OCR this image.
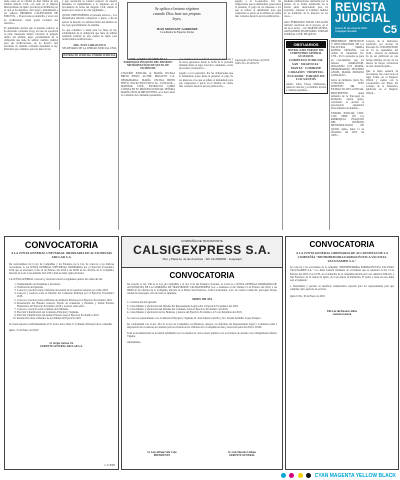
REVISTA
JUDICIAL
Jueves 31 de enero de 2019 · Guayaquil, Ecuador	C5
sente causa en su calidad de Juez Titular de esta Unidad Judicial Civil; con sede en el Distrito Metropolitano de Quito, provincia de Pichincha por el cual se ha dispuesto citar legal y debidamente a los señores PRIMERO CALIFICADOR DE EDICTOS, ... Proporcione su domicilio y en el acto de notificación; usted podrá reclamar sus derechos...
El demandado declara que el presente extracto se ha efectuado conforme la ley, en caso de oposición la parte interesada deberá concurrir al juzgado dentro del término legal, previniéndole de la obligación que tiene de señalar casillero judicial para sus notificaciones, de no hacerlo será declarado en rebeldía conforme determina la ley. Particular que comunico para los fines de ley.
y que resolución se tomará respecto de nuestra demanda, el cumplimiento a lo dispuesto en la providencia de fecha del Juzgado Civil, siendo el estado de la causa el de citar legalmente ...
QUITO, PREVINIENDO el presente extracto... Los demandados deberán comparecer a juicio, a fin de ejercer su derecho a la defensa dentro del término de ley, bajo apercibimiento de rebeldía.
Lo que comunico a usted para los fines de ley, advirtiéndole de la obligación que tiene de señalar domicilio judicial en esta ciudad de Quito para recibir futuras notificaciones.
ABG. JUAN CARLOS PICO
SECRETARIO DE LA UNIDAD JUDICIAL CIVIL
EXTRACTO JUDICIAL UNIDAD JUDICIAL
CONVOCATORIA
A LA JUNTA GENERAL UNIVERSAL ORDINARIA DE ACCIONISTAS ARCLAD S.A.
De conformidad con la ley de Compañías y los Estatutos de la Cía. Se convoca a los Señores Accionistas, A LA JUNTA GENERAL UNIVERSAL ORDINARIA por el Ejercicio Económico 2018 que se efectuará el día 14 de Febrero del 2019 a las 09:00 en las oficinas de la Compañía, ubicada en la Av. José Andrade Oe1-258 y Juan de Selis, Quito-Ecuador.
LA JUNTA GENERAL conocerá y resolverá sobre los siguientes puntos del orden del día:
1. Nombramiento de Presidente y Secretario.
2. Verificación del Quórum.
3. Conocer y resolver sobre el Informe de Gestión de la Gerencia General por el año 2018.
4. Conocer y resolver sobre el Informe del Comisario Principal por el Ejercicio Económico 2018.
5. Conocer y resolver sobre el Informe de Auditoría Externa por el Ejercicio Económico 2018.
6. Presentación del Balance General, Estado de Ganancias y Pérdidas y demás Estados Financieros del Ejercicio Económico 2018 y resolver sobre ellos.
7. Conocer y resolver sobre el destino de Utilidades.
8. Elección y Ratificación del Comisario Principal y Suplente.
9. Elección y Ratificación del Auditor Externo para el Ejercicio Económico 2019.
10. Resolución sobre el Destino de la Utilidad del Ejercicio 2018.
Se citará especial e individualmente al Sr. Luis Carlos Velez S. Comisario Principal de la compañía.
Quito, 31 de Enero del 2019
Sr. Sergio Garzon Ch.
GERENTE GENERAL ARCLAD S.A.
1-17-8085
Se aplica el mismo régimen
cuando Dios bate sus propias
leyes.
JEAN MONNANT GARDIERE
Coordinador de Espacios Verdes
CIVIL COSEP CON SEDE EN LA PARROQUIA IÑAQUITO DEL DISTRITO METROPOLITANO DE QUITO, DE PICHINCHA
CITACIÓN JUDICIAL A: MARÍA CECILIA BRITO PINTO. ACTOR: PROAUTO C.A. DEMANDADA: MARÍA CECILIA BRITO PINTO. JUICIO EJECUTIVO No. 17230-2018-... MATERIA: CIVIL. EXTRACTO: COMO CONSTA EN EL PROCESO JUDICIAL SEÑORA MARÍA CECILIA BRITO PINTO, se le hace saber el contenido de la demanda presentada...
y la cantidad de $ 14.448,70 el pago de intereses y de mora generados desde la fecha de la presente demanda hasta el pago total de lo adeudado, costas procesales y honorarios...
pagado a la Cooperativa. Por las obligaciones que el demandado posee hasta la presente, el pago de los intereses a los que se refiere el demandado para que comparezca a juicio en el término de veinte días contados desde la tercera publicación...
pagado a la Cooperativa. Por las obligaciones que el demandado posee hasta la presente, el pago de los intereses a los que se refiere el demandado para que comparezca a juicio en el término de veinte días contados desde la tercera publicación...
Guayaquil, 23 de Enero del 2019
Oficio No. 45-2019-Y1
mediante publicaciones realizadas por la prensa, en la forma establecida en la norma antes mencionada para tal propósito, reiterase al Cadillero Judicial en su domicilio de la mayoría de los casos...
señor FERNANDO DAVID VILLALÓN ALDAZ, declarado en el proceso, en el día de la fecha ... Dr. MARTÍN NÚÑEZ, ALEXANDER SECRETARIO, UNIDAD JUDICIAL CIVIL DE QUITO.
OBITUARIOS
HOYBALA DEL PARQUE DEL CEMENTERIO GENERAL GUAYAQUIL
COMPLEJO JUDICIAL SAN · URGENCIA · MANTA · COMBATE CORAZÓN · HOSPITAL ECUADOR · PARQUE DE LOS SANTOS
Adolfo Ulloa Flores Maldonado, quien en vida fue, y su familia, invitan a cristiana sepultura...
HEREDEROS PRESUNTOS Y DESCONOCIDOS DE LA FALLECIDA MARÍA RUFINA MOYANO, con cédula de ciudadanía No. 1700... Por la presente se pone en conocimiento que los señores MARIANGEL ISAGANDO LUZ MARÍA, DEMANDADOS: SEGUNDO ANGEL MARÍA MOYANO GONZÁLEZ...
Juicio de Ordinario, juicio No. 17230-2018, JUEZ PONENTE: DR. ... EXTRACTO: DE LA INICIAL PROCEDENTE, quien demanda de la Parroquia de Pichincha, cantón Quito, solicitando se declare la prescripción adquisitiva extraordinaria de dominio...
UNIDAD JUDICIAL CIVIL CON SEDE EN LA PARROQUIA IÑAQUITO DEL DISTRITO METROPOLITANO DE QUITO. Quito, lunes 11 de diciembre del 2018, las 10h51...
Concejo de la Judicatura, notificado por Acción de Personal No. 6706-DNTH-NP, de 10 de septiembre del 2018... extracto de demanda ha de ser publicada en tres fechas distintas en uno de los diarios de mayor circulación de esta ciudad de Quito...
Que la Junta General de Accionistas fue convocada en legal forma, en el Registro Oficial y cuenta con la concurrencia del Pleno del Consejo de la Judicatura, publicado en el Registro Oficial...
COMPAÑÍA DE TRANSPORTE
CALSIGEXPRESS S.A.
Pico y Placa Av. de las Américas · Telf. 04-2690000 · Guayaquil
CONVOCATORIA
De acuerdo al Art. 236 de la Ley de Compañías y el Art. 9 de sus Estatutos Sociales, se Convoca a JUNTA GENERAL ORDINARIA DE ACCIONISTAS DE LA COMPAÑÍA DE TRANSPORTE CALSIGEXPRESS S.A. a realizarse el día Viernes 15 de Febrero del 2019, a las 09h00 en las oficinas de la Compañía, ubicada en el Barrio San Francisco, Calle Licenciatura, Lote 14, Centro Comercial, parroquia Tarqui, ciudad de Guayaquil, a fin de tratar el siguiente:
ORDEN DEL DÍA
1. Constatación del Quórum.
2. Conocimiento y aprobación del Informe del Representante Legal sobre el Ejercicio Económico del 2018.
3. Conocimiento y aprobación del Informe del Comisario sobre el Ejercicio Económico del 2018.
4. Conocimiento y aprobación de los Balances y Anexos del Ejercicio Económico al 31 de diciembre del 2018.
Se convoca expresamente a los Comisarios Principal y Suplente Sr. Juan Tupiza Carballo y Sra. Noemi Jaramillo Lopez Tinajero.
De conformidad con el Art. 242 de la Ley de Compañías, los Balances, Anexos, los Informes del Representante Legal y Comisario están a disposición de los señores Accionistas para su revisión en las Oficinas de la Compañía en días y horas laborales del 2019 a 11h00.
Toda la documentación se la tendrá sufrimiento por los medios de convocatoria puntual a los accionistas de acuerdo con el Reglamento Interno Vigente.
Atentamente,
Sr. Luis Alfredo Vela Cobo
PRESIDENTE
Sr. Luis Marcelo Callejas
GERENTE GENERAL
CONVOCATORIA
A LA JUNTA GENERAL ORDINARIA DE ACCIONISTAS DE LA COMPAÑÍA "DISTRIBUIDORA FARMACÉUTICA VACUNAS VACUNAMED S.A."
Se convoca a los accionistas de la compañía "DISTRIBUIDORA FARMACÉUTICA VACUNAS VACUNAMED S.A." a la Junta General Ordinaria de accionistas que se celebrará el día 14 de Febrero del 2019 a las 10:30, en el domicilio de la compañía ubicada en la Av. América N30-201 y San Francisco de la ciudad de Quito, de la provincia de Pichincha. El punto a tratar en esta Junta será el siguiente:
1. Determinar y aprobar su beneficio remunerativo especial para los representantes para que cumplan cierto periodo de servicio.
Quito D.M., 30 de Enero de 2019
Ella Luz del Rosario Aluba
Gerente General
CYAN MAGENTA YELLOW BLACK
